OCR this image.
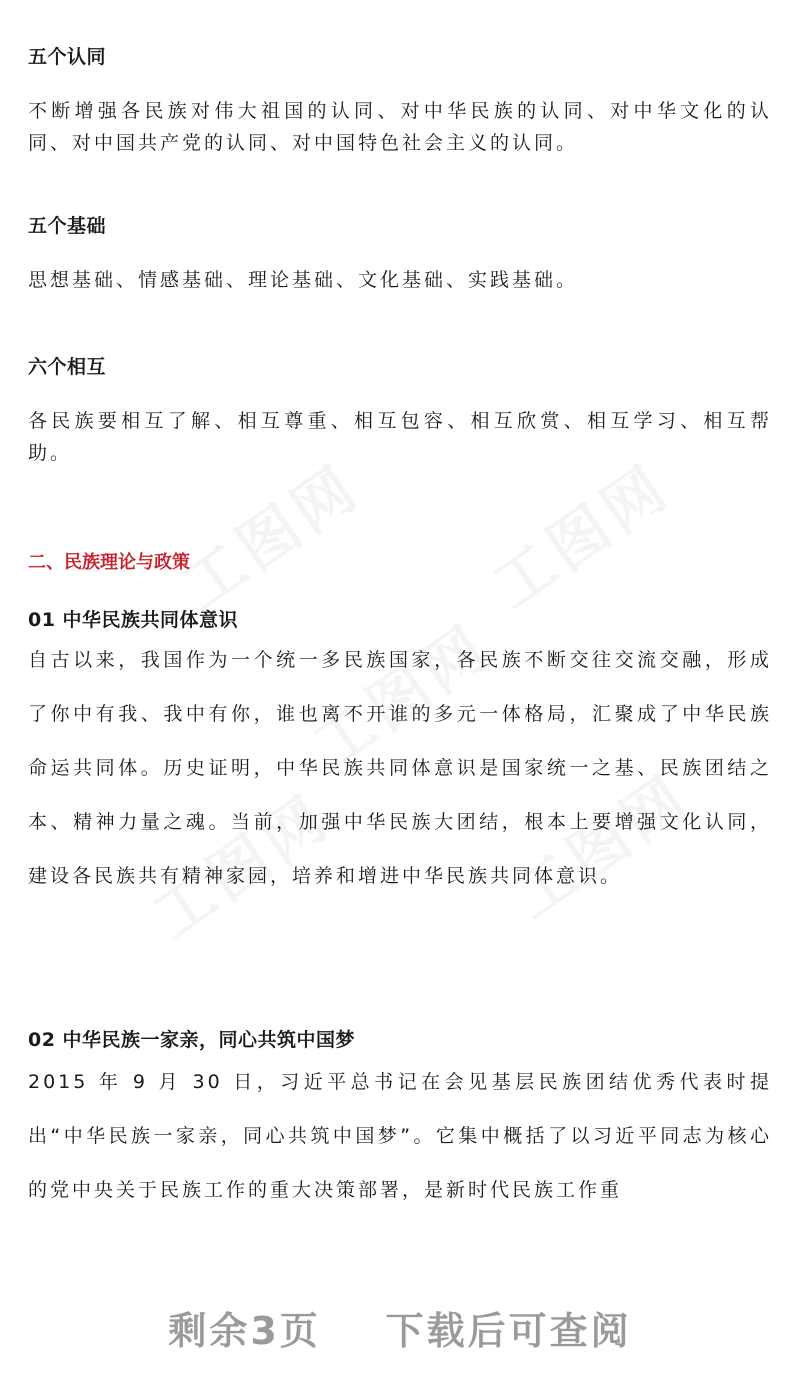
五个认同

不断增强各民族对伟大祖国的认同、对中华民族的认同、对中华文化的认同、对中国共产党的认同、对中国特色社会主义的认同。

五个基础

思想基础、情感基础、理论基础、文化基础、实践基础。

六个相互

各民族要相互了解、相互尊重、相互包容、相互欣赏、相互学习、相互帮助。

二、民族理论与政策
01 中华民族共同体意识

自古以来，我国作为一个统一多民族国家，各民族不断交往交流交融，形成了你中有我、我中有你，谁也离不开谁的多元一体格局，汇聚成了中华民族命运共同体。历史证明，中华民族共同体意识是国家统一之基、民族团结之本、精神力量之魂。当前，加强中华民族大团结，根本上要增强文化认同，建设各民族共有精神家园，培养和增进中华民族共同体意识。

02 中华民族一家亲，同心共筑中国梦

2015 年 9 月 30 日，习近平总书记在会见基层民族团结优秀代表时提出“中华民族一家亲，同心共筑中国梦”。它集中概括了以习近平同志为核心的党中央关于民族工作的重大决策部署，是新时代民族工作重

剩余3页    下载后可查阅
